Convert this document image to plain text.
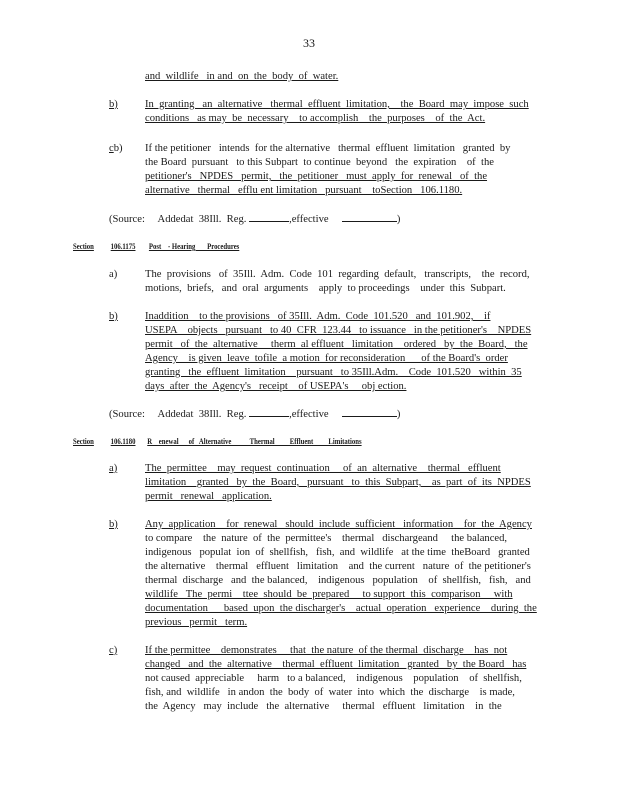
33
and  wildlife   in and  on  the  body  of  water.
b)	In  granting   an  alternative   thermal  effluent  limitation,    the  Board  may  impose  such
conditions   as may  be  necessary    to accomplish    the  purposes    of  the  Act.
cb) If the petitioner   intends  for the alternative   thermal  effluent  limitation   granted  by
the Board  pursuant   to this Subpart  to continue  beyond   the  expiration    of  the
petitioner's   NPDES   permit,   the  petitioner   must  apply  for  renewal   of  the
alternative   thermal   efflu ent limitation   pursuant    toSection   106.1180.
(Source:     Addedat  38Ill.  Reg.	,effective	)
Section 106.1175 Post    - Hearing       Procedures
a)	The  provisions   of  35Ill.  Adm.  Code  101  regarding  default,   transcripts,    the  record,
motions,  briefs,   and  oral  arguments    apply  to proceedings    under  this  Subpart.
b)	Inaddition    to the provisions   of 35Ill.  Adm.  Code  101.520   and  101.902,    if
USEPA    objects   pursuant   to 40  CFR  123.44   to issuance   in the petitioner's    NPDES
permit   of  the  alternative     therm  al effluent   limitation    ordered   by  the  Board,   the
Agency    is given  leave  tofile  a motion  for reconsideration      of the Board's  order
granting   the  effluent  limitation    pursuant   to 35Ill.Adm.    Code  101.520   within  35
days  after  the  Agency's   receipt    of USEPA's     obj ection.
(Source:     Addedat  38Ill.  Reg.	,effective	)
Section 106.1180 R    enewal      of   Alternative           Thermal         Effluent         Limitations
a)	The  permittee    may  request  continuation     of  an  alternative    thermal   effluent
limitation    granted   by  the  Board,   pursuant   to  this  Subpart,    as  part  of  its  NPDES
permit   renewal   application.
b)	Any  application    for  renewal   should  include  sufficient   information    for  the  Agency
to compare    the  nature  of  the  permittee's    thermal   dischargeand     the balanced,
indigenous   populat  ion  of  shellfish,   fish,  and  wildlife   at the time  theBoard   granted
the alternative    thermal   effluent   limitation    and  the current   nature  of  the petitioner's
thermal  discharge   and  the balanced,    indigenous   population    of  shellfish,   fish,   and
wildlife   The  permi    ttee  should  be  prepared     to support  this  comparison     with
documentation      based  upon  the discharger's    actual  operation   experience    during  the
previous   permit   term.
c)	If the permittee    demonstrates     that  the nature  of the thermal  discharge    has  not
changed   and  the  alternative    thermal  effluent  limitation   granted   by  the Board   has
not caused  appreciable     harm   to a balanced,    indigenous    population    of  shellfish,
fish, and  wildlife   in andon  the  body  of  water  into  which  the  discharge    is made,
the  Agency   may  include   the  alternative     thermal   effluent   limitation    in  the
